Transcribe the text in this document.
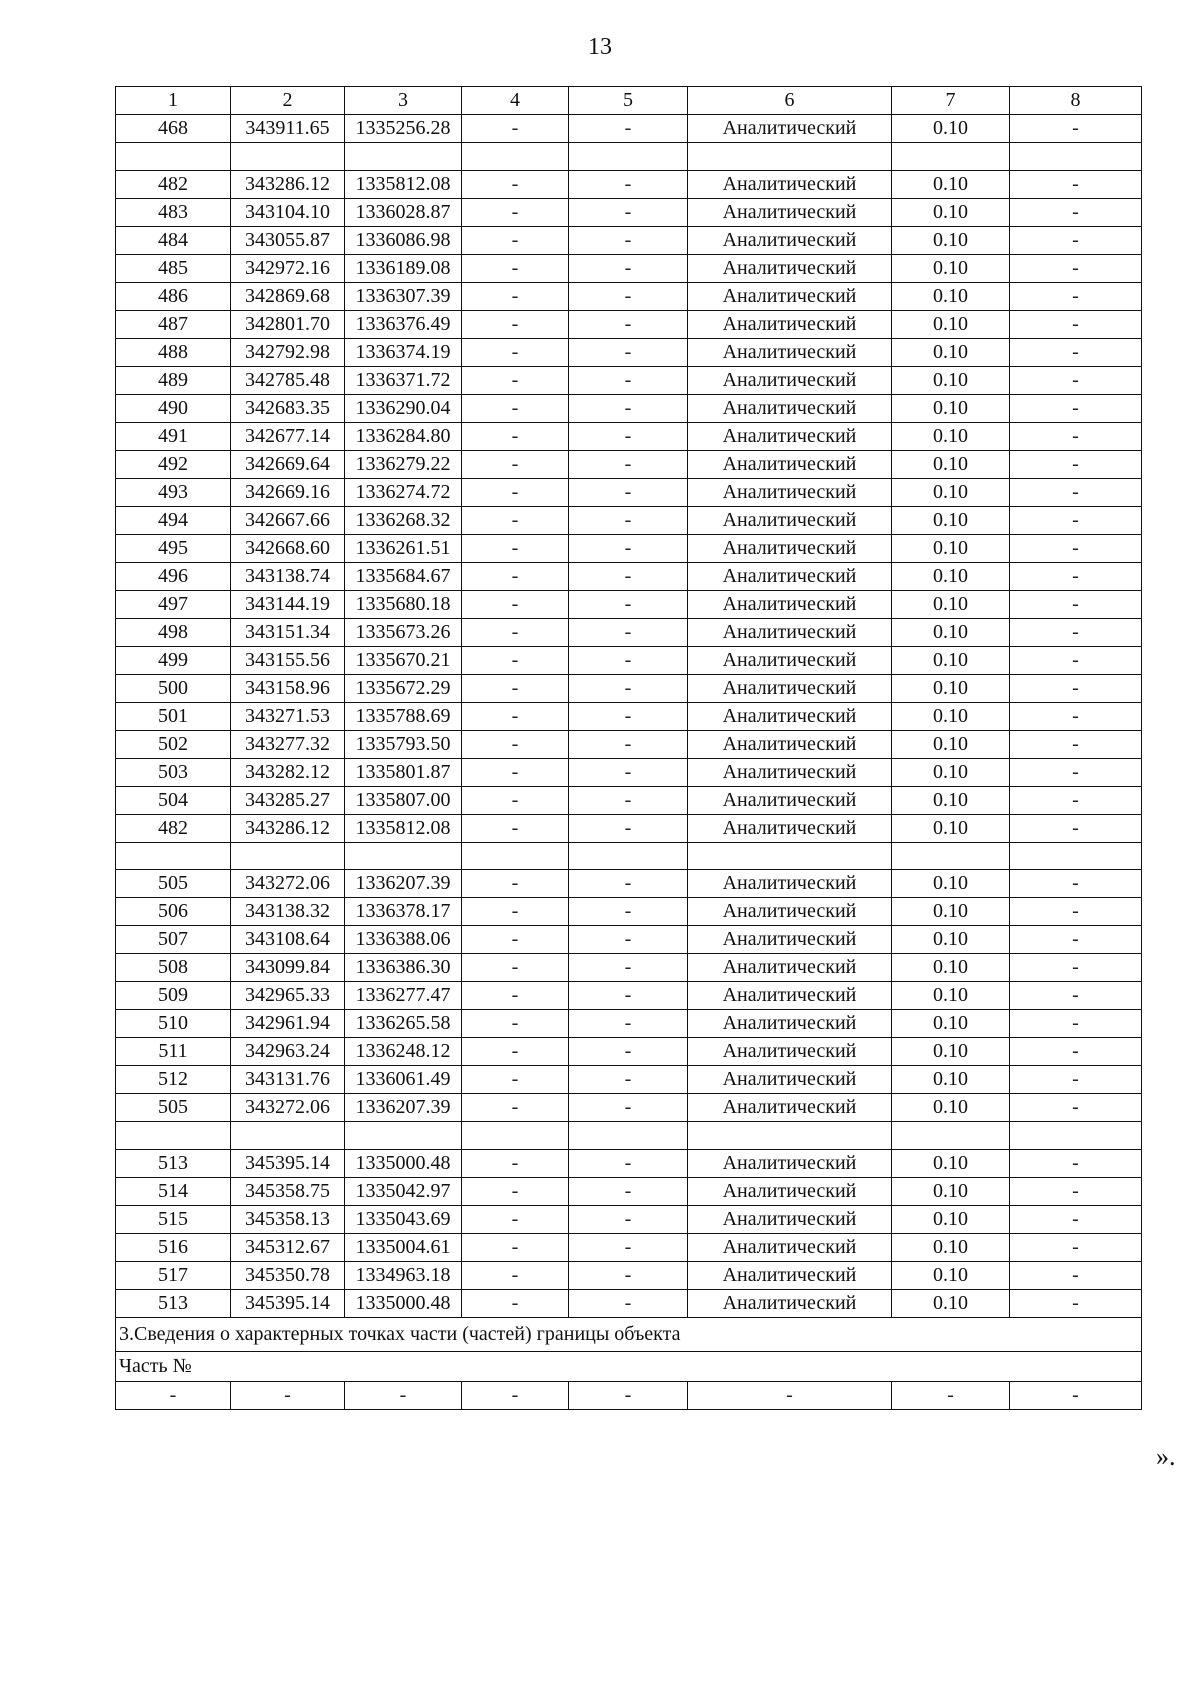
13
1	2	3	4	5	6	7	8
468	343911.65	1335256.28	-	-	Аналитический	0.10	-

482	343286.12	1335812.08	-	-	Аналитический	0.10	-
483	343104.10	1336028.87	-	-	Аналитический	0.10	-
484	343055.87	1336086.98	-	-	Аналитический	0.10	-
485	342972.16	1336189.08	-	-	Аналитический	0.10	-
486	342869.68	1336307.39	-	-	Аналитический	0.10	-
487	342801.70	1336376.49	-	-	Аналитический	0.10	-
488	342792.98	1336374.19	-	-	Аналитический	0.10	-
489	342785.48	1336371.72	-	-	Аналитический	0.10	-
490	342683.35	1336290.04	-	-	Аналитический	0.10	-
491	342677.14	1336284.80	-	-	Аналитический	0.10	-
492	342669.64	1336279.22	-	-	Аналитический	0.10	-
493	342669.16	1336274.72	-	-	Аналитический	0.10	-
494	342667.66	1336268.32	-	-	Аналитический	0.10	-
495	342668.60	1336261.51	-	-	Аналитический	0.10	-
496	343138.74	1335684.67	-	-	Аналитический	0.10	-
497	343144.19	1335680.18	-	-	Аналитический	0.10	-
498	343151.34	1335673.26	-	-	Аналитический	0.10	-
499	343155.56	1335670.21	-	-	Аналитический	0.10	-
500	343158.96	1335672.29	-	-	Аналитический	0.10	-
501	343271.53	1335788.69	-	-	Аналитический	0.10	-
502	343277.32	1335793.50	-	-	Аналитический	0.10	-
503	343282.12	1335801.87	-	-	Аналитический	0.10	-
504	343285.27	1335807.00	-	-	Аналитический	0.10	-
482	343286.12	1335812.08	-	-	Аналитический	0.10	-

505	343272.06	1336207.39	-	-	Аналитический	0.10	-
506	343138.32	1336378.17	-	-	Аналитический	0.10	-
507	343108.64	1336388.06	-	-	Аналитический	0.10	-
508	343099.84	1336386.30	-	-	Аналитический	0.10	-
509	342965.33	1336277.47	-	-	Аналитический	0.10	-
510	342961.94	1336265.58	-	-	Аналитический	0.10	-
511	342963.24	1336248.12	-	-	Аналитический	0.10	-
512	343131.76	1336061.49	-	-	Аналитический	0.10	-
505	343272.06	1336207.39	-	-	Аналитический	0.10	-

513	345395.14	1335000.48	-	-	Аналитический	0.10	-
514	345358.75	1335042.97	-	-	Аналитический	0.10	-
515	345358.13	1335043.69	-	-	Аналитический	0.10	-
516	345312.67	1335004.61	-	-	Аналитический	0.10	-
517	345350.78	1334963.18	-	-	Аналитический	0.10	-
513	345395.14	1335000.48	-	-	Аналитический	0.10	-
3.Сведения о характерных точках части (частей) границы объекта							
Часть №							
-	-	-	-	-	-	-	-
».
